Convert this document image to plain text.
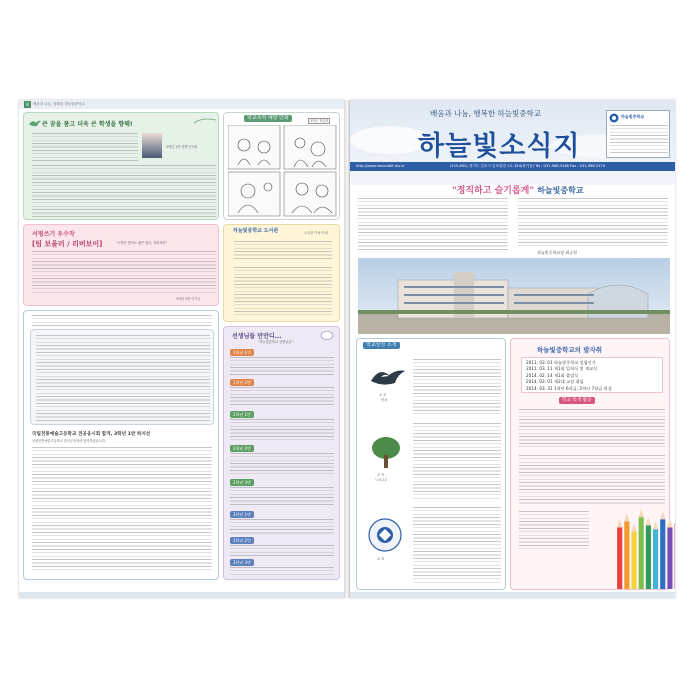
8	배움과 나눔, 행복한 하늘빛중학교
큰 꿈을 품고 더욱 큰 학생을 향해!
3학년 1반 학생 인터뷰
학교폭력 예방 만화	3학년 정유미
서평쓰기 우수작
[팀 보울러 / 리버보이]	"시작은 맞이도 좋은 법이, 자라서다"
3학년 2반 이기우
하늘빛중학교 도서관	도서관 이용 안내
국립전통예술고등학교 전공응시회 합격, 3학년 1반 하지선
국립전통예술고등학교 한국무용과에 합격하였습니다.
선생님들 만만디...
"하늘빛중학교 선생님들"
1학년 1반
1학년 2반
2학년 1반
2학년 2반
2학년 3반
3학년 1반
3학년 2반
3학년 3반
배움과 나눔, 행복한 하늘빛중학교
하늘빛소식지
하늘빛중학교
http://www.haneulbit.ms.kr	(515-890) 경기도 김포시 김포한강 1로 354(장기동) Tel : 031-986-3166 Fax : 031-986-3170
"정직하고 슬기롭게" 하늘빛중학교
하늘빛중학교장 최규현
학교상징 소개
교 조
까치
교 목
느티나무
교 표
하늘빛중학교의 발자취
2011. 03. 01 하늘빛중학교 설립인가
2011. 03. 11 제1회 입학식 및 개교식
2014. 02. 14 제1회 졸업식
2014. 03. 01 제2대 교장 취임
2014. 03. 31 1학년 6학급, 2학년 7학급 편성
학교 특색 활동
